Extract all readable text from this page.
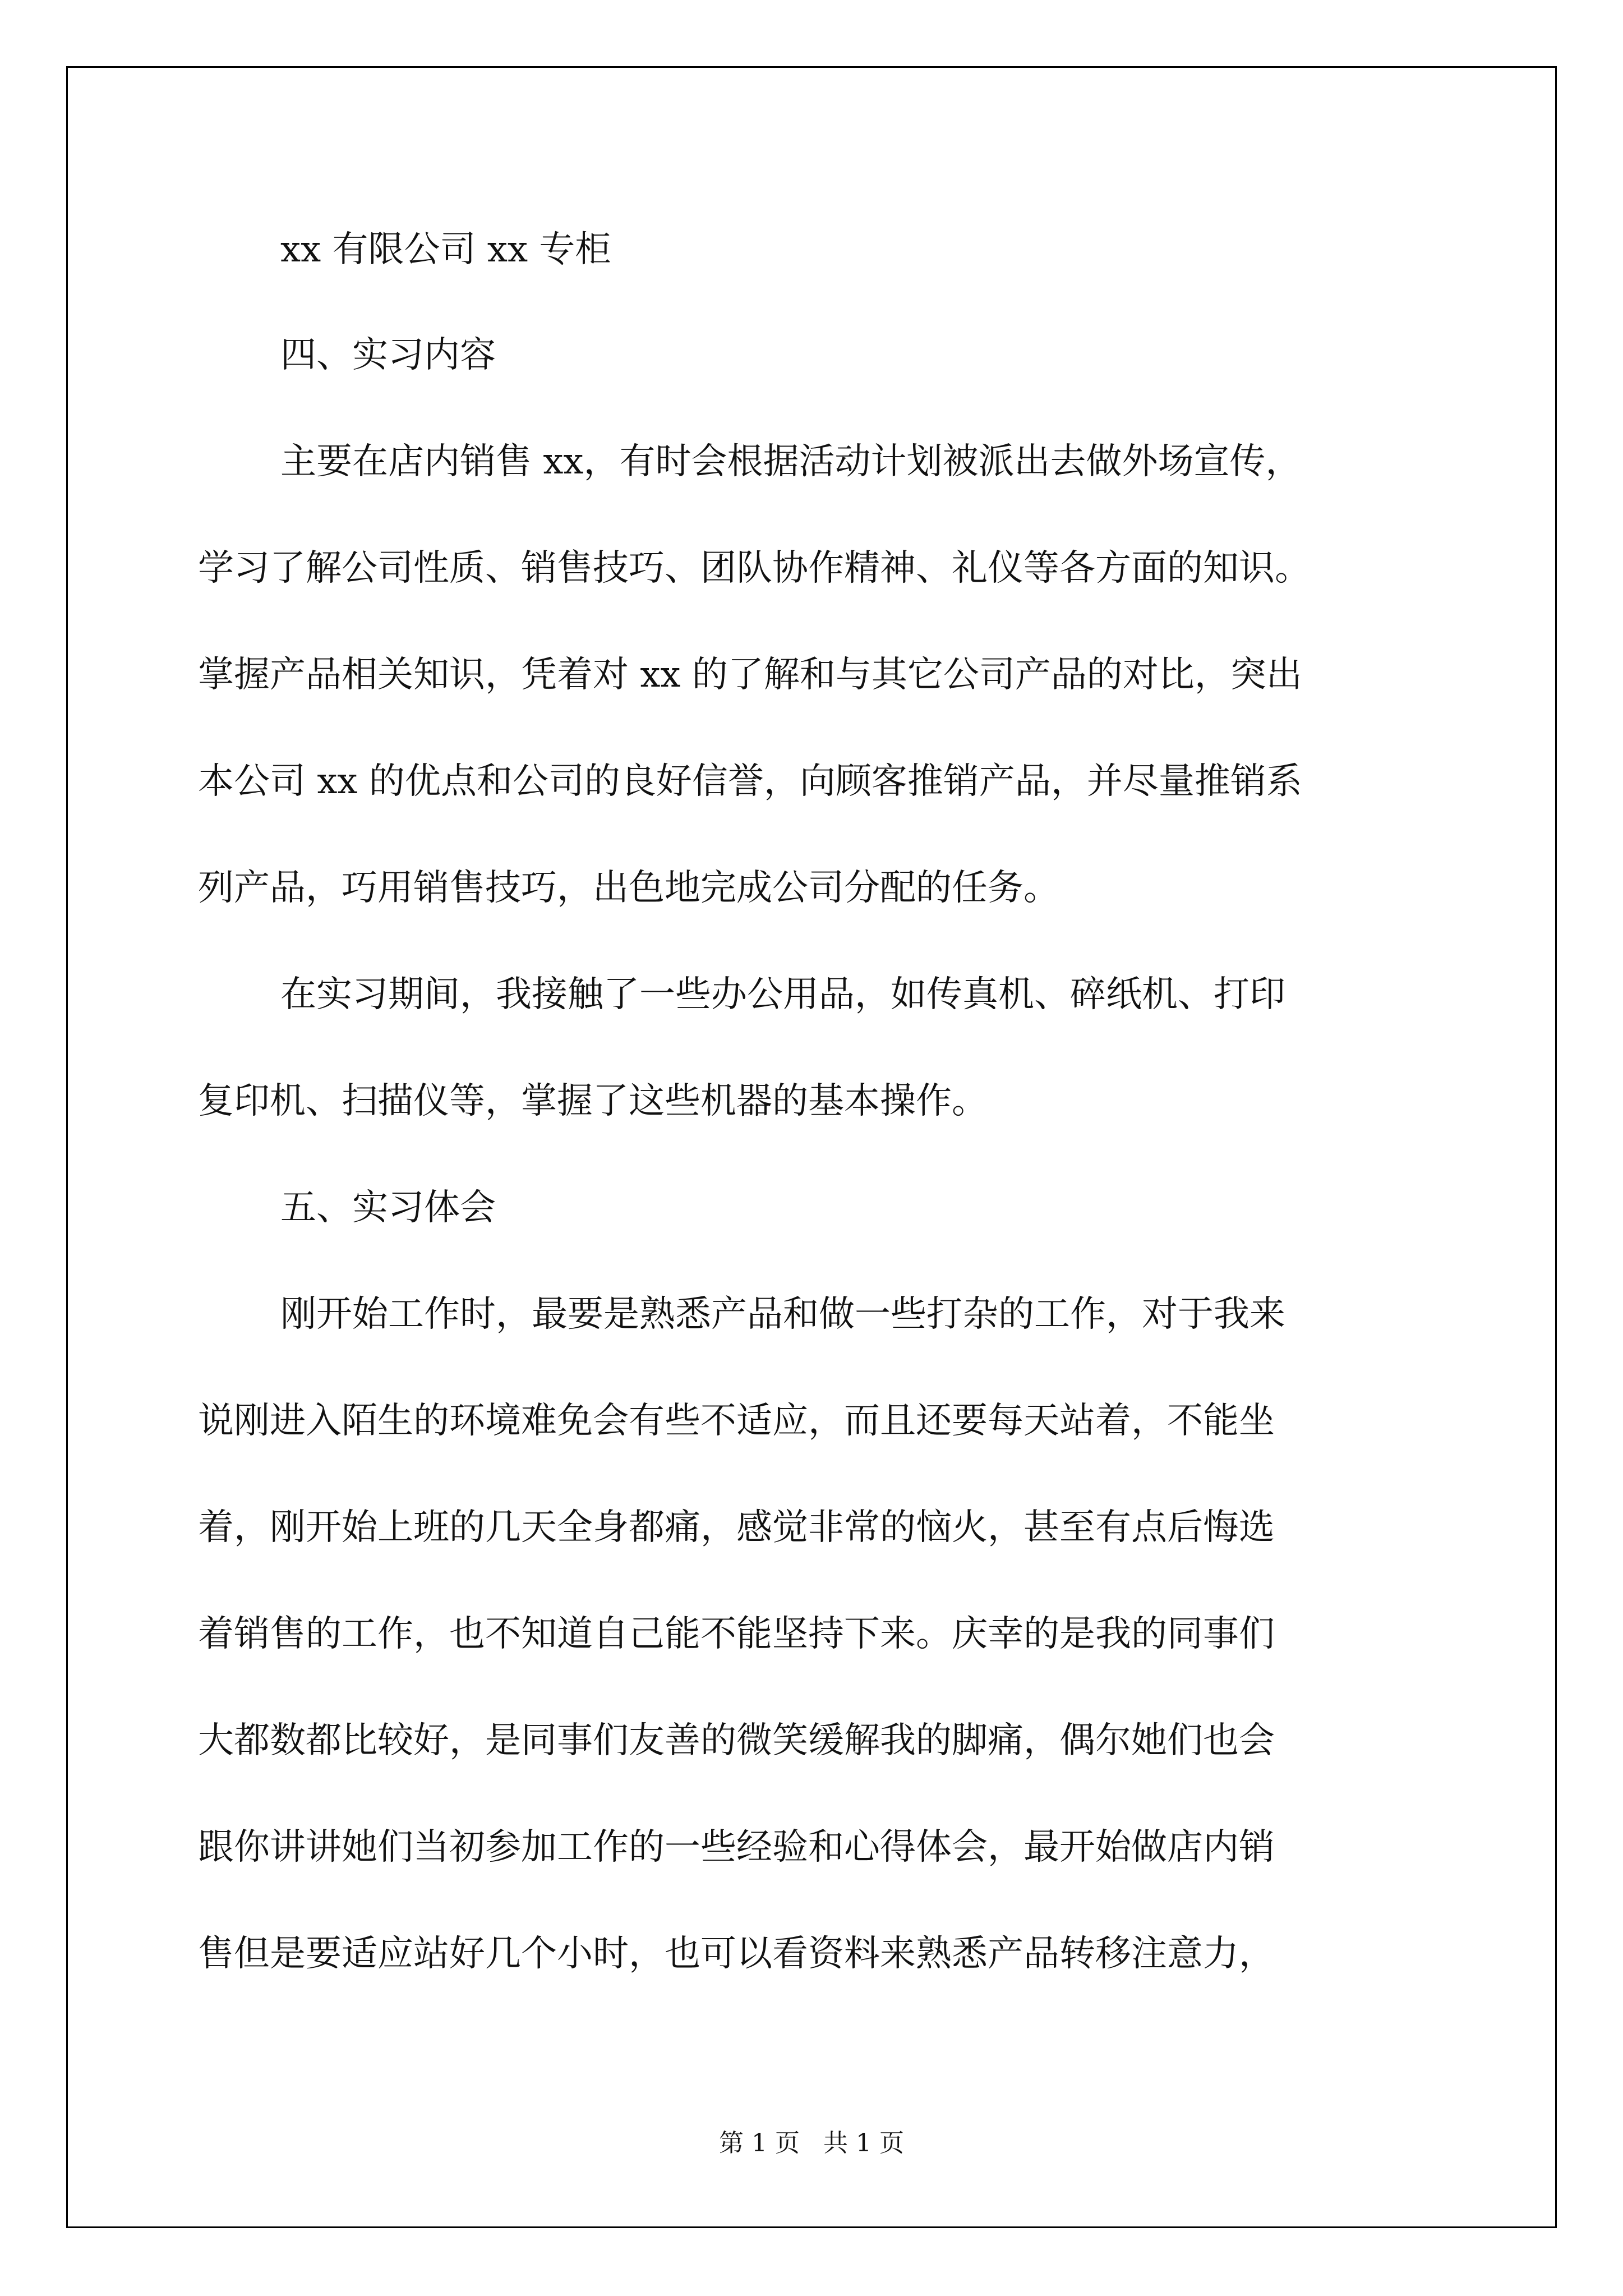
xx 有限公司 xx 专柜

四、实习内容

主要在店内销售 xx，有时会根据活动计划被派出去做外场宣传，

学习了解公司性质、销售技巧、团队协作精神、礼仪等各方面的知识。

掌握产品相关知识，凭着对 xx 的了解和与其它公司产品的对比，突出

本公司 xx 的优点和公司的良好信誉，向顾客推销产品，并尽量推销系

列产品，巧用销售技巧，出色地完成公司分配的任务。

在实习期间，我接触了一些办公用品，如传真机、碎纸机、打印

复印机、扫描仪等，掌握了这些机器的基本操作。

五、实习体会

刚开始工作时，最要是熟悉产品和做一些打杂的工作，对于我来

说刚进入陌生的环境难免会有些不适应，而且还要每天站着，不能坐

着，刚开始上班的几天全身都痛，感觉非常的恼火，甚至有点后悔选

着销售的工作，也不知道自己能不能坚持下来。庆幸的是我的同事们

大都数都比较好，是同事们友善的微笑缓解我的脚痛，偶尔她们也会

跟你讲讲她们当初参加工作的一些经验和心得体会，最开始做店内销

售但是要适应站好几个小时，也可以看资料来熟悉产品转移注意力，

第 1 页   共 1 页
